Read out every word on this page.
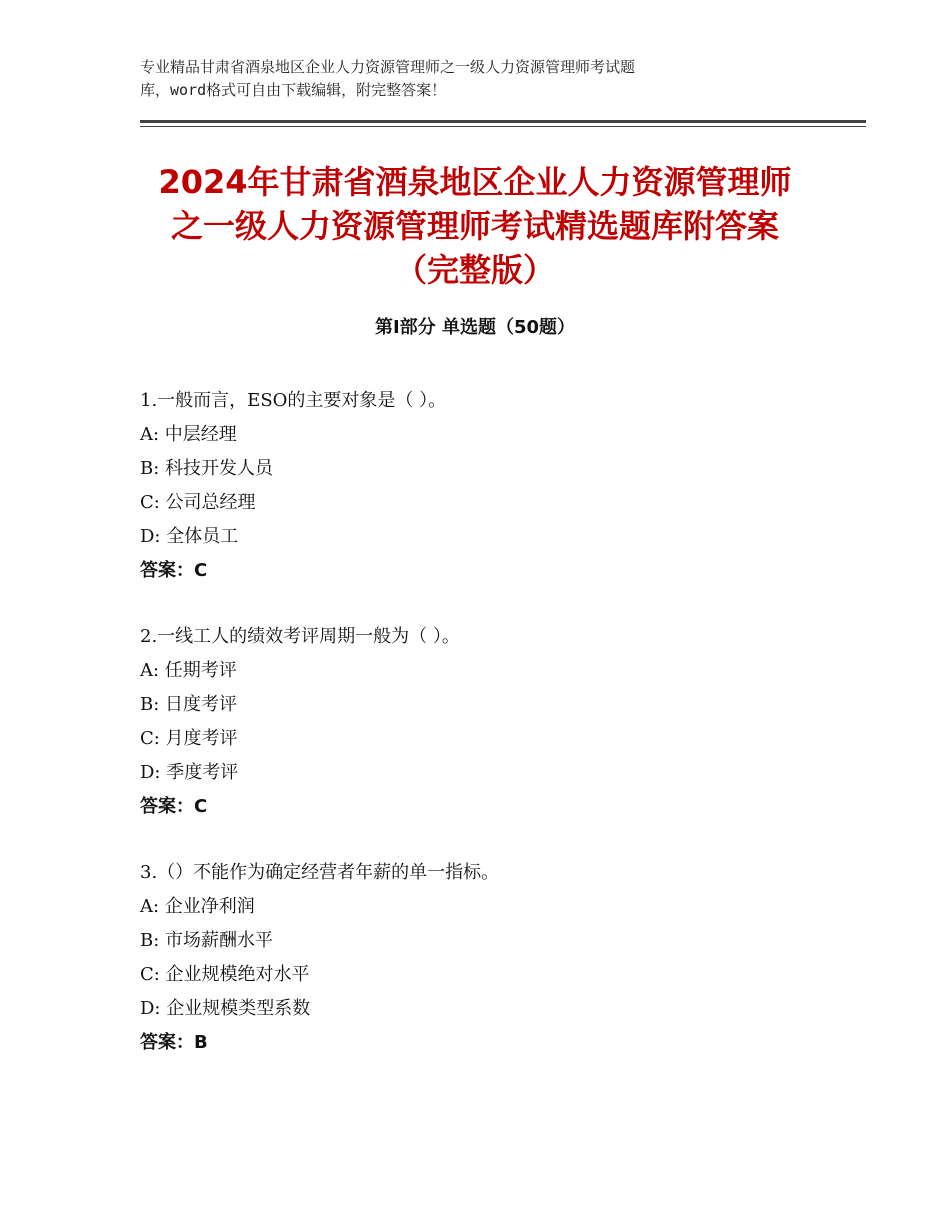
专业精品甘肃省酒泉地区企业人力资源管理师之一级人力资源管理师考试题
库，word格式可自由下载编辑，附完整答案！
2024年甘肃省酒泉地区企业人力资源管理师
之一级人力资源管理师考试精选题库附答案
（完整版）
第Ⅰ部分 单选题（50题）
1.一般而言，ESO的主要对象是（ ）。
A: 中层经理
B: 科技开发人员
C: 公司总经理
D: 全体员工
答案：C
2.一线工人的绩效考评周期一般为（ ）。
A: 任期考评
B: 日度考评
C: 月度考评
D: 季度考评
答案：C
3.（）不能作为确定经营者年薪的单一指标。
A: 企业净利润
B: 市场薪酬水平
C: 企业规模绝对水平
D: 企业规模类型系数
答案：B
